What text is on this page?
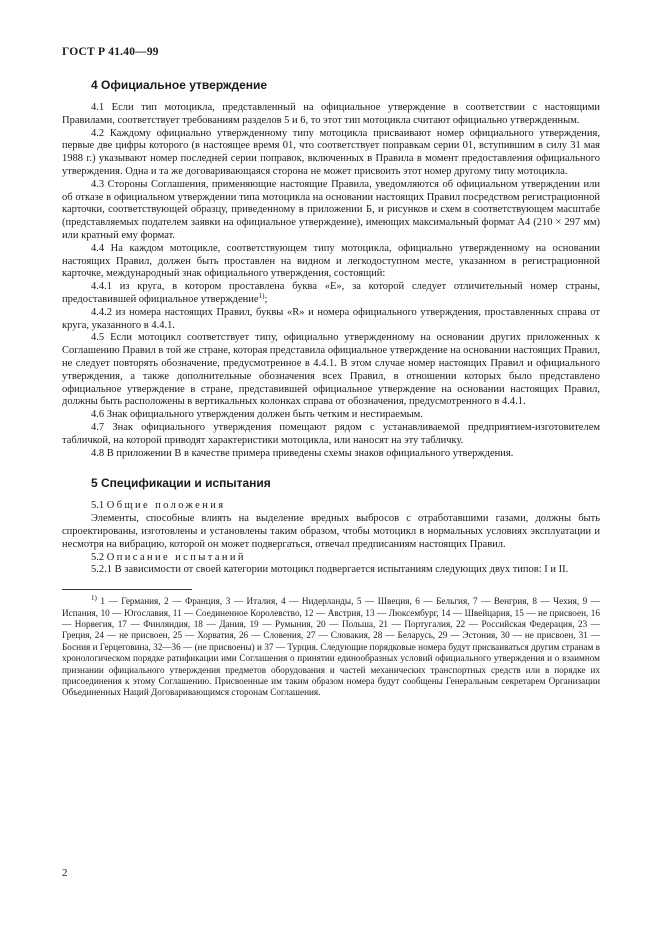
ГОСТ Р 41.40—99
4 Официальное утверждение

4.1 Если тип мотоцикла, представленный на официальное утверждение в соответствии с настоящими Правилами, соответствует требованиям разделов 5 и 6, то этот тип мотоцикла считают официально утвержденным.

4.2 Каждому официально утвержденному типу мотоцикла присваивают номер официального утверждения, первые две цифры которого (в настоящее время 01, что соответствует поправкам серии 01, вступившим в силу 31 мая 1988 г.) указывают номер последней серии поправок, включенных в Правила в момент предоставления официального утверждения. Одна и та же договаривающаяся сторона не может присвоить этот номер другому типу мотоцикла.

4.3 Стороны Соглашения, применяющие настоящие Правила, уведомляются об официальном утверждении или об отказе в официальном утверждении типа мотоцикла на основании настоящих Правил посредством регистрационной карточки, соответствующей образцу, приведенному в приложении Б, и рисунков и схем в соответствующем масштабе (представляемых подателем заявки на официальное утверждение), имеющих максимальный формат А4 (210 × 297 мм) или кратный ему формат.

4.4 На каждом мотоцикле, соответствующем типу мотоцикла, официально утвержденному на основании настоящих Правил, должен быть проставлен на видном и легкодоступном месте, указанном в регистрационной карточке, международный знак официального утверждения, состоящий:

4.4.1 из круга, в котором проставлена буква «Е», за которой следует отличительный номер страны, предоставившей официальное утверждение$^{1)}$;

4.4.2 из номера настоящих Правил, буквы «R» и номера официального утверждения, проставленных справа от круга, указанного в 4.4.1.

4.5 Если мотоцикл соответствует типу, официально утвержденному на основании других приложенных к Соглашению Правил в той же стране, которая представила официальное утверждение на основании настоящих Правил, не следует повторять обозначение, предусмотренное в 4.4.1. В этом случае номер настоящих Правил и официального утверждения, а также дополнительные обозначения всех Правил, в отношении которых было представлено официальное утверждение в стране, представившей официальное утверждение на основании настоящих Правил, должны быть расположены в вертикальных колонках справа от обозначения, предусмотренного в 4.4.1.

4.6 Знак официального утверждения должен быть четким и нестираемым.

4.7 Знак официального утверждения помещают рядом с устанавливаемой предприятием-изготовителем табличкой, на которой приводят характеристики мотоцикла, или наносят на эту табличку.

4.8 В приложении В в качестве примера приведены схемы знаков официального утверждения.

5 Спецификации и испытания

5.1 Общие положения

Элементы, способные влиять на выделение вредных выбросов с отработавшими газами, должны быть спроектированы, изготовлены и установлены таким образом, чтобы мотоцикл в нормальных условиях эксплуатации и несмотря на вибрацию, которой он может подвергаться, отвечал предписаниям настоящих Правил.

5.2 Описание испытаний

5.2.1 В зависимости от своей категории мотоцикл подвергается испытаниям следующих двух типов: I и II.

$^{1)}$ 1 — Германия, 2 — Франция, 3 — Италия, 4 — Нидерланды, 5 — Швеция, 6 — Бельгия, 7 — Венгрия, 8 — Чехия, 9 — Испания, 10 — Югославия, 11 — Соединенное Королевство, 12 — Австрия, 13 — Люксембург, 14 — Швейцария, 15 — не присвоен, 16 — Норвегия, 17 — Финляндия, 18 — Дания, 19 — Румыния, 20 — Польша, 21 — Португалия, 22 — Российская Федерация, 23 — Греция, 24 — не присвоен, 25 — Хорватия, 26 — Словения, 27 — Словакия, 28 — Беларусь, 29 — Эстония, 30 — не присвоен, 31 — Босния и Герцеговина, 32—36 — (не присвоены) и 37 — Турция. Следующие порядковые номера будут присваиваться другим странам в хронологическом порядке ратификации ими Соглашения о принятии единообразных условий официального утверждения и о взаимном признании официального утверждения предметов оборудования и частей механических транспортных средств или в порядке их присоединения к этому Соглашению. Присвоенные им таким образом номера будут сообщены Генеральным секретарем Организации Объединенных Наций Договаривающимся сторонам Соглашения.

2
